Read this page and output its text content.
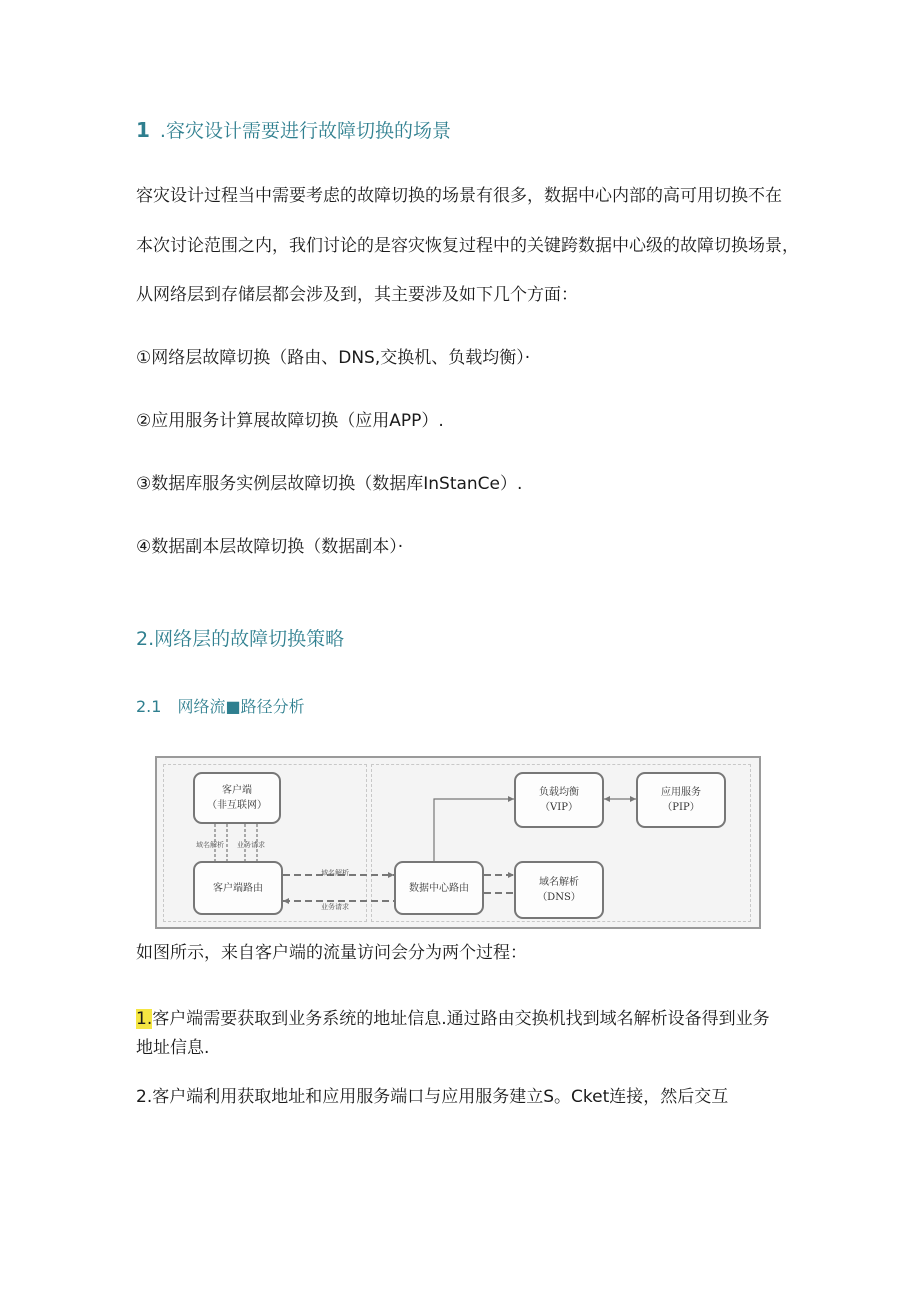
1 .容灾设计需要进行故障切换的场景
容灾设计过程当中需要考虑的故障切换的场景有很多，数据中心内部的高可用切换不在
本次讨论范围之内，我们讨论的是容灾恢复过程中的关键跨数据中心级的故障切换场景，
从网络层到存储层都会涉及到，其主要涉及如下几个方面：
①网络层故障切换（路由、DNS,交换机、负载均衡）·
②应用服务计算展故障切换（应用APP）.
③数据库服务实例层故障切换（数据库InStanCe）.
④数据副本层故障切换（数据副本）·
2.网络层的故障切换策略
2.1 网络流■路径分析
客户端
（非互联网）
客户端路由	数据中心路由
负载均衡
（VIP）
应用服务
（PIP）
域名解析
（DNS）
域名解析 业务请求
域名解析
业务请求
如图所示，来自客户端的流量访问会分为两个过程：
1.客户端需要获取到业务系统的地址信息.通过路由交换机找到域名解析设备得到业务
地址信息.
2.客户端利用获取地址和应用服务端口与应用服务建立S。Cket连接，然后交互
